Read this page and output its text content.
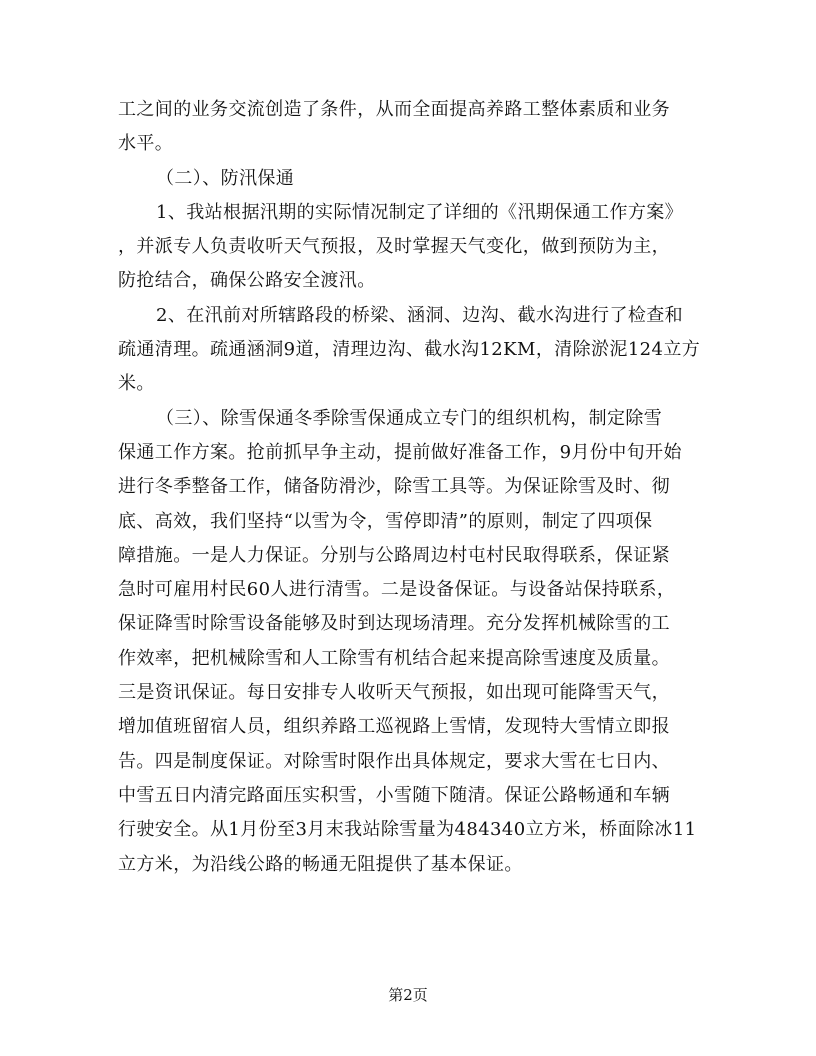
工之间的业务交流创造了条件，从而全面提高养路工整体素质和业务
水平。
（二）、防汛保通
1、我站根据汛期的实际情况制定了详细的《汛期保通工作方案》
，并派专人负责收听天气预报，及时掌握天气变化，做到预防为主，
防抢结合，确保公路安全渡汛。
2、在汛前对所辖路段的桥梁、涵洞、边沟、截水沟进行了检查和
疏通清理。疏通涵洞9道，清理边沟、截水沟12KM，清除淤泥124立方
米。
（三）、除雪保通冬季除雪保通成立专门的组织机构，制定除雪
保通工作方案。抢前抓早争主动，提前做好准备工作，9月份中旬开始
进行冬季整备工作，储备防滑沙，除雪工具等。为保证除雪及时、彻
底、高效，我们坚持“以雪为令，雪停即清”的原则，制定了四项保
障措施。一是人力保证。分别与公路周边村屯村民取得联系，保证紧
急时可雇用村民60人进行清雪。二是设备保证。与设备站保持联系，
保证降雪时除雪设备能够及时到达现场清理。充分发挥机械除雪的工
作效率，把机械除雪和人工除雪有机结合起来提高除雪速度及质量。
三是资讯保证。每日安排专人收听天气预报，如出现可能降雪天气，
增加值班留宿人员，组织养路工巡视路上雪情，发现特大雪情立即报
告。四是制度保证。对除雪时限作出具体规定，要求大雪在七日内、
中雪五日内清完路面压实积雪，小雪随下随清。保证公路畅通和车辆
行驶安全。从1月份至3月末我站除雪量为484340立方米，桥面除冰11
立方米，为沿线公路的畅通无阻提供了基本保证。
第2页
